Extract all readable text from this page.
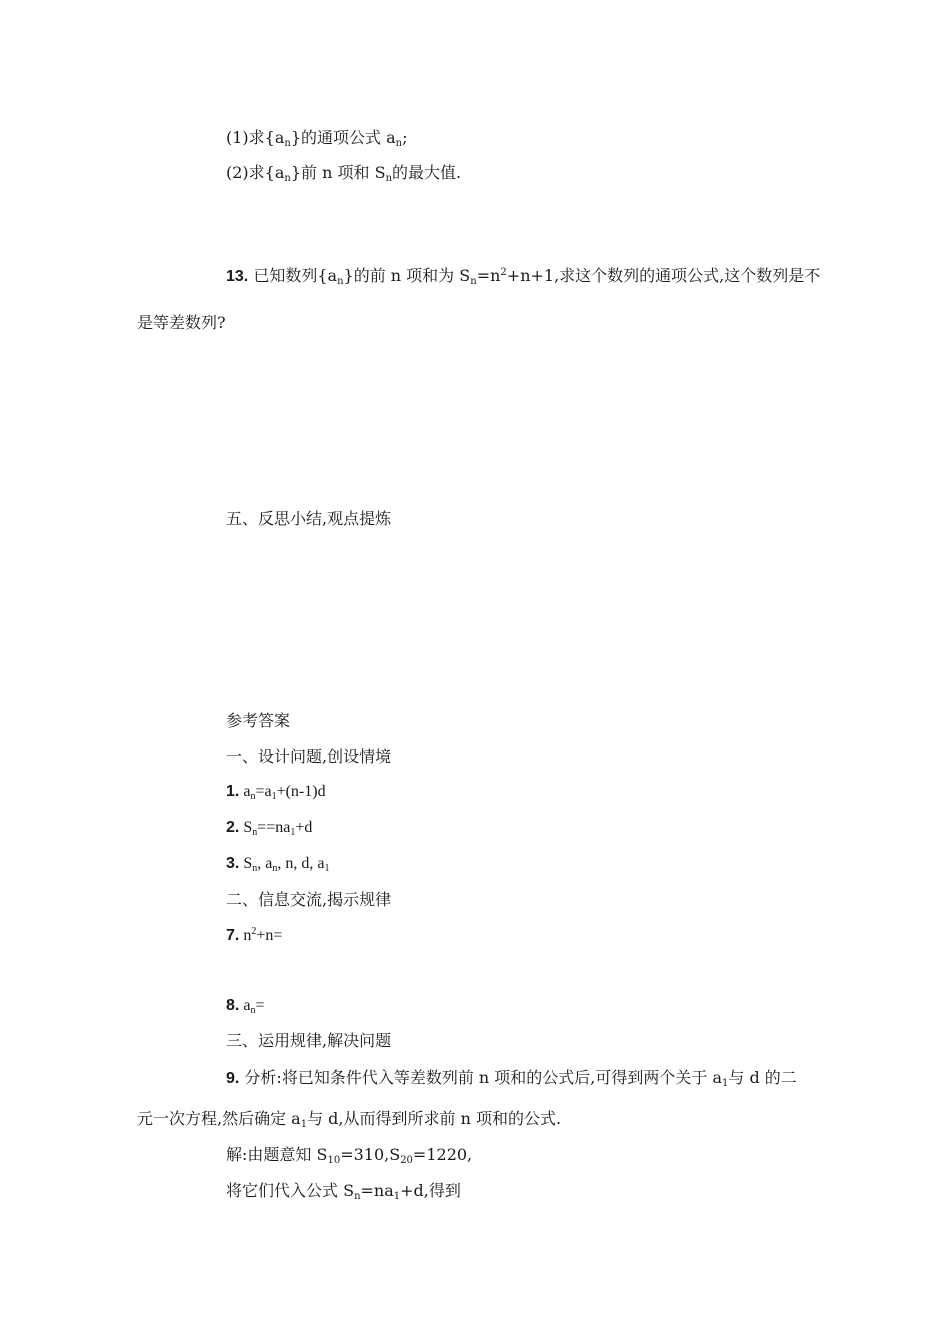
(1)求$\{a_n\}$的通项公式 $a_n$;
(2)求$\{a_n\}$前 n 项和 $S_n$的最大值.
13. 已知数列$\{a_n\}$的前 n 项和为 $S_n=n^2+n+1$,求这个数列的通项公式,这个数列是不
是等差数列?
五、反思小结,观点提炼
参考答案
一、设计问题,创设情境
1. $a_n=a_1+(n-1)d$
2. $S_n==na_1+d$
3. $S_n$, $a_n$, n, d, $a_1$
二、信息交流,揭示规律
7. $n^2+n=$
8. $a_n=$
三、运用规律,解决问题
9. 分析:将已知条件代入等差数列前 n 项和的公式后,可得到两个关于 $a_1$与 d 的二
元一次方程,然后确定 $a_1$与 d,从而得到所求前 n 项和的公式.
解:由题意知 $S_{10}=310,S_{20}=1220$,
将它们代入公式 $S_n=na_1+d$,得到
